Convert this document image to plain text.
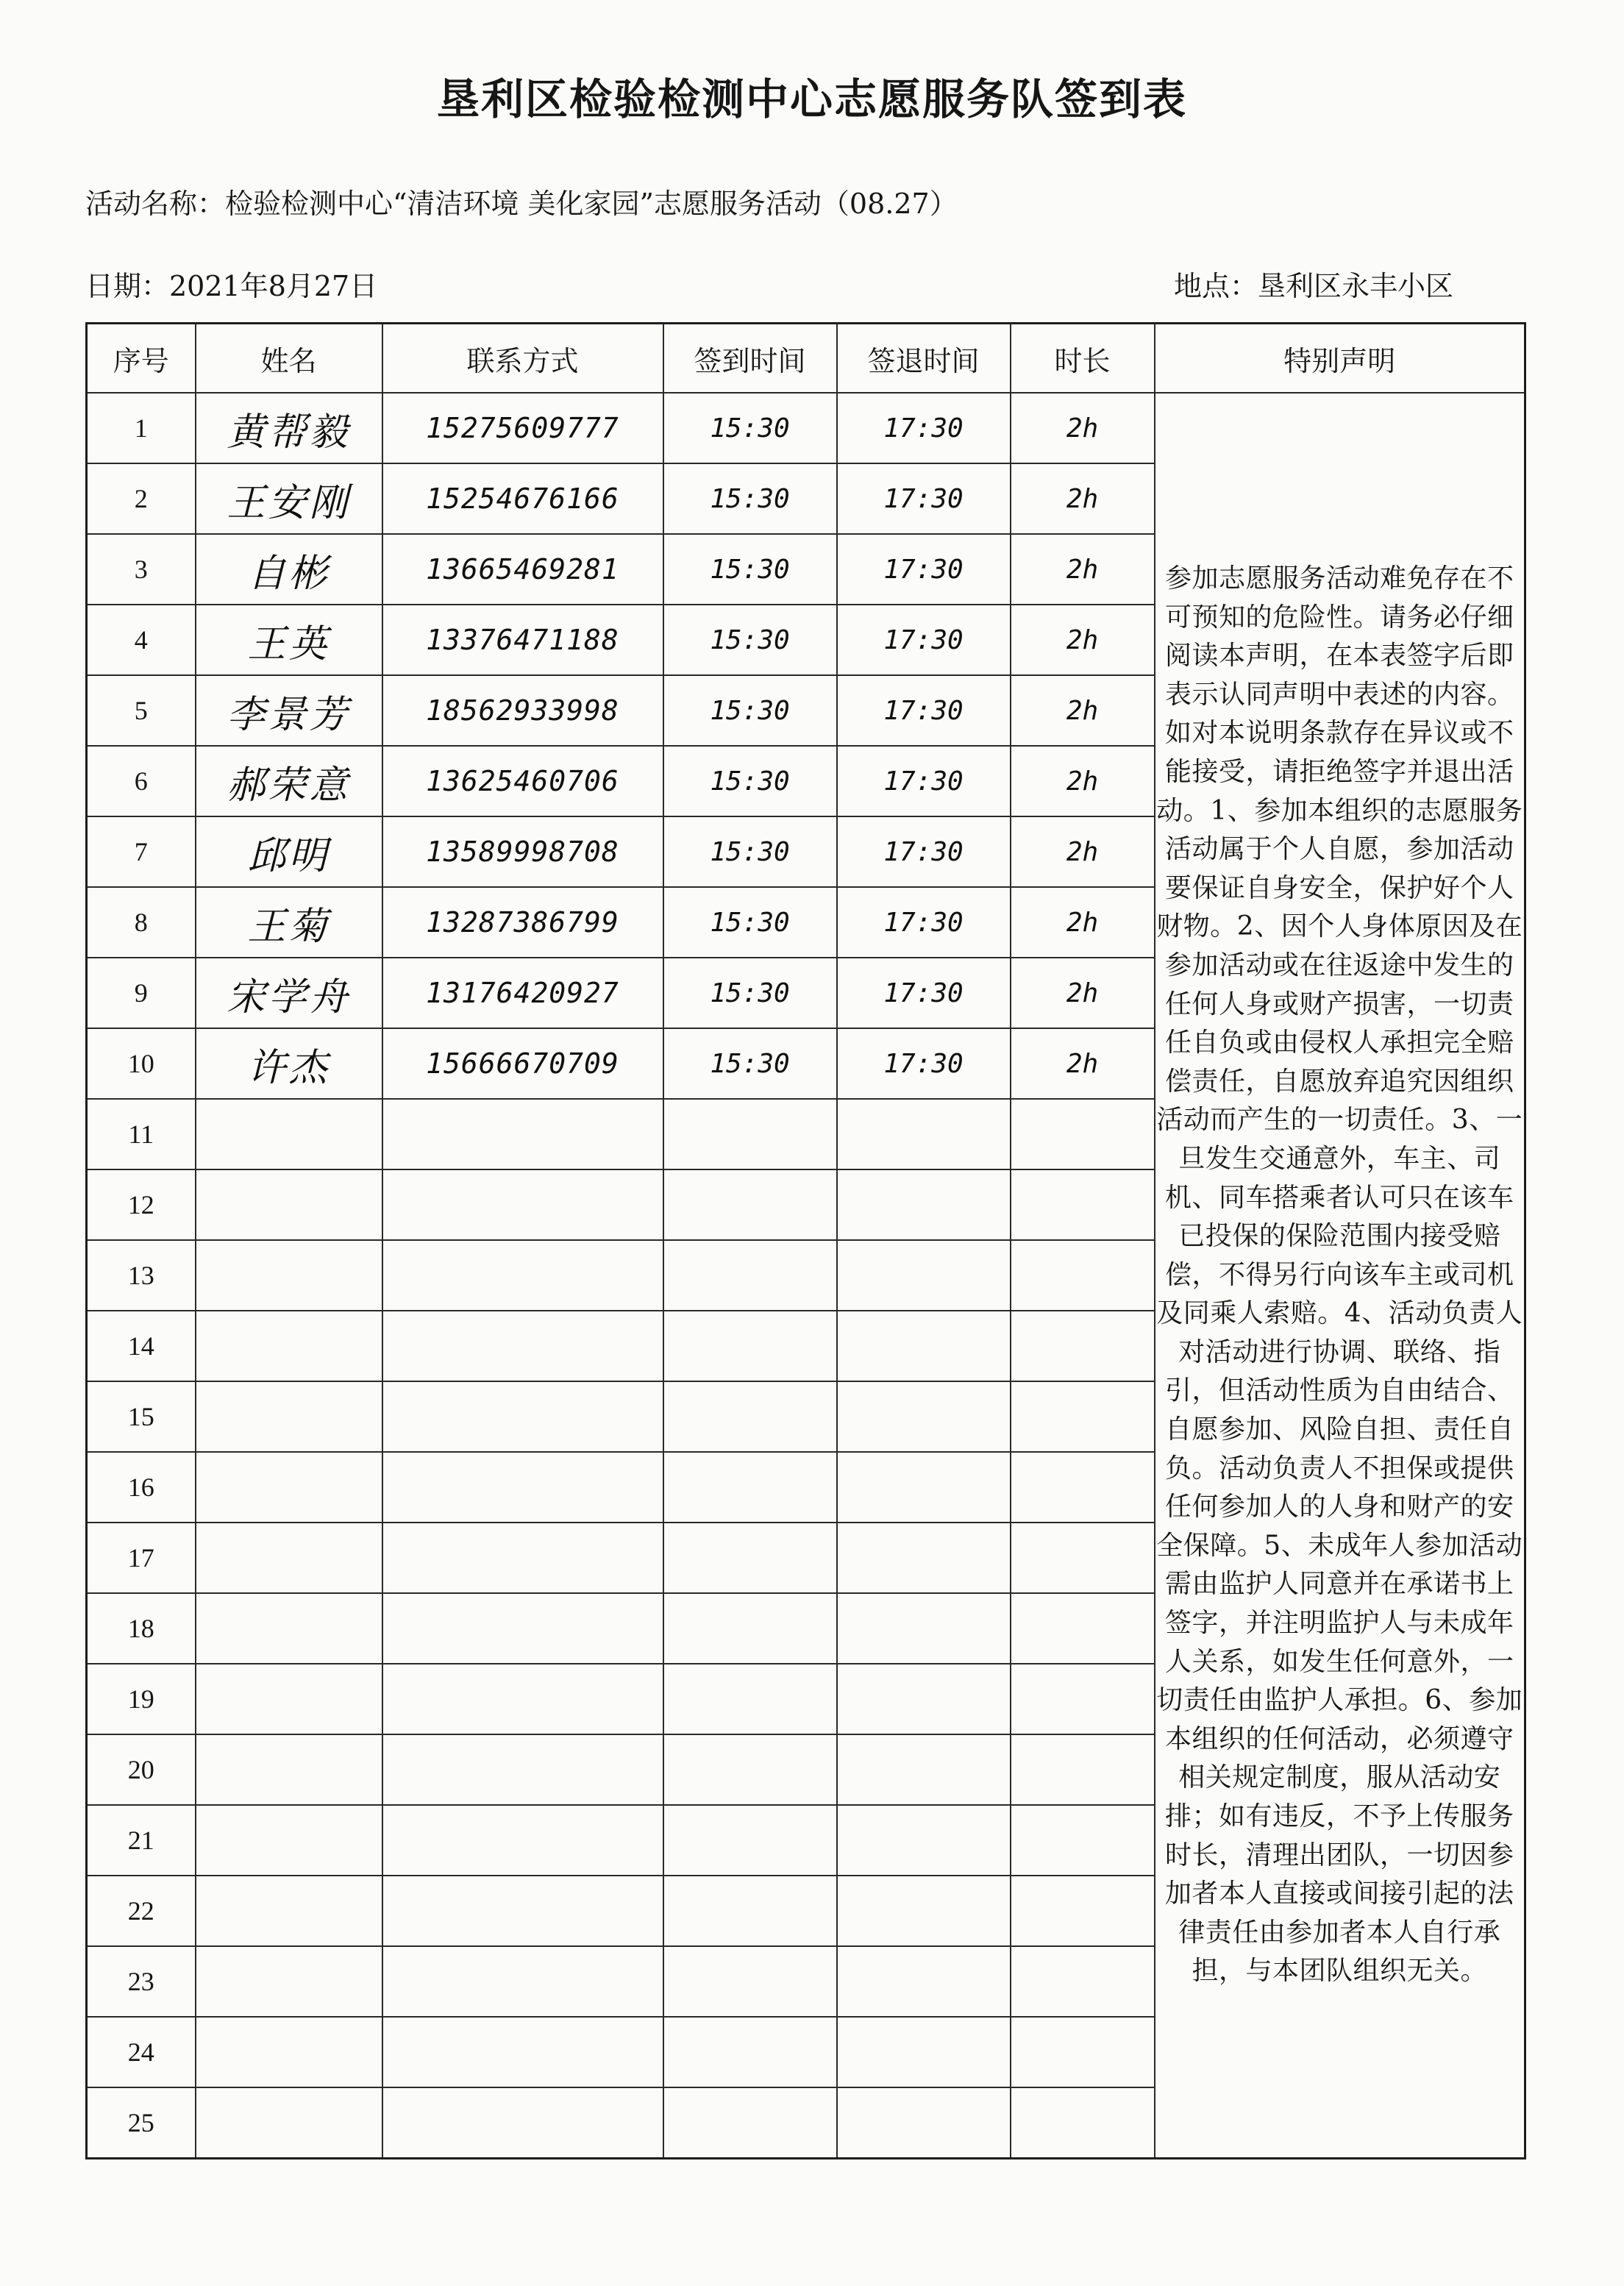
垦利区检验检测中心志愿服务队签到表
活动名称：检验检测中心“清洁环境 美化家园”志愿服务活动（08.27）
日期：2021年8月27日	地点：垦利区永丰小区
序号	姓名	联系方式	签到时间	签退时间	时长	特别声明
1	黄帮毅	15275609777	15:30	17:30	2h	参加志愿服务活动难免存在不可预知的危险性。请务必仔细阅读本声明，在本表签字后即表示认同声明中表述的内容。如对本说明条款存在异议或不能接受，请拒绝签字并退出活动。1、参加本组织的志愿服务活动属于个人自愿，参加活动要保证自身安全，保护好个人财物。2、因个人身体原因及在参加活动或在往返途中发生的任何人身或财产损害，一切责任自负或由侵权人承担完全赔偿责任，自愿放弃追究因组织活动而产生的一切责任。3、一旦发生交通意外，车主、司机、同车搭乘者认可只在该车已投保的保险范围内接受赔偿，不得另行向该车主或司机及同乘人索赔。4、活动负责人对活动进行协调、联络、指引，但活动性质为自由结合、自愿参加、风险自担、责任自负。活动负责人不担保或提供任何参加人的人身和财产的安全保障。5、未成年人参加活动需由监护人同意并在承诺书上签字，并注明监护人与未成年人关系，如发生任何意外，一切责任由监护人承担。6、参加本组织的任何活动，必须遵守相关规定制度，服从活动安排；如有违反，不予上传服务时长，清理出团队，一切因参加者本人直接或间接引起的法律责任由参加者本人自行承担，与本团队组织无关。
2	王安刚	15254676166	15:30	17:30	2h	
3	自彬	13665469281	15:30	17:30	2h	
4	王英	13376471188	15:30	17:30	2h	
5	李景芳	18562933998	15:30	17:30	2h	
6	郝荣意	13625460706	15:30	17:30	2h	
7	邱明	13589998708	15:30	17:30	2h	
8	王菊	13287386799	15:30	17:30	2h	
9	宋学舟	13176420927	15:30	17:30	2h	
10	许杰	15666670709	15:30	17:30	2h	
11						
12						
13						
14						
15						
16						
17						
18						
19						
20						
21						
22						
23						
24						
25						
